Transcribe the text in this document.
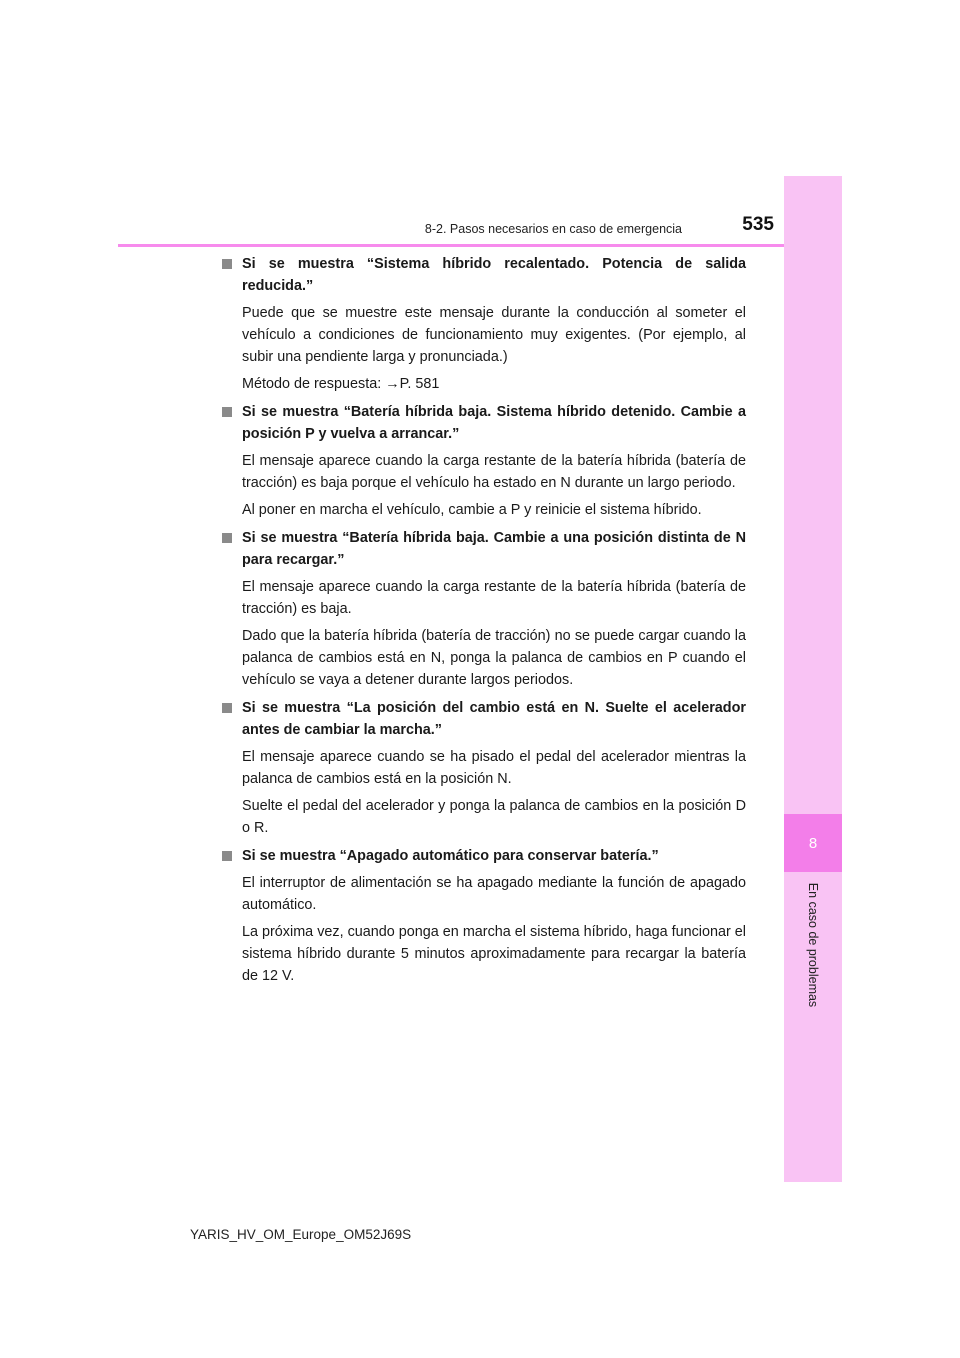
8
En caso de problemas
8-2. Pasos necesarios en caso de emergencia	535

Si se muestra “Sistema híbrido recalentado. Potencia de salida reducida.”

Puede que se muestre este mensaje durante la conducción al someter el vehículo a condiciones de funcionamiento muy exigentes. (Por ejemplo, al subir una pendiente larga y pronunciada.)

Método de respuesta: →P. 581

Si se muestra “Batería híbrida baja. Sistema híbrido detenido. Cambie a posición P y vuelva a arrancar.”

El mensaje aparece cuando la carga restante de la batería híbrida (batería de tracción) es baja porque el vehículo ha estado en N durante un largo periodo.

Al poner en marcha el vehículo, cambie a P y reinicie el sistema híbrido.

Si se muestra “Batería híbrida baja. Cambie a una posición distinta de N para recargar.”

El mensaje aparece cuando la carga restante de la batería híbrida (batería de tracción) es baja.

Dado que la batería híbrida (batería de tracción) no se puede cargar cuando la palanca de cambios está en N, ponga la palanca de cambios en P cuando el vehículo se vaya a detener durante largos periodos.

Si se muestra “La posición del cambio está en N. Suelte el acelerador antes de cambiar la marcha.”

El mensaje aparece cuando se ha pisado el pedal del acelerador mientras la palanca de cambios está en la posición N.

Suelte el pedal del acelerador y ponga la palanca de cambios en la posición D o R.

Si se muestra “Apagado automático para conservar batería.”

El interruptor de alimentación se ha apagado mediante la función de apagado automático.

La próxima vez, cuando ponga en marcha el sistema híbrido, haga funcionar el sistema híbrido durante 5 minutos aproximadamente para recargar la batería de 12 V.

YARIS_HV_OM_Europe_OM52J69S
